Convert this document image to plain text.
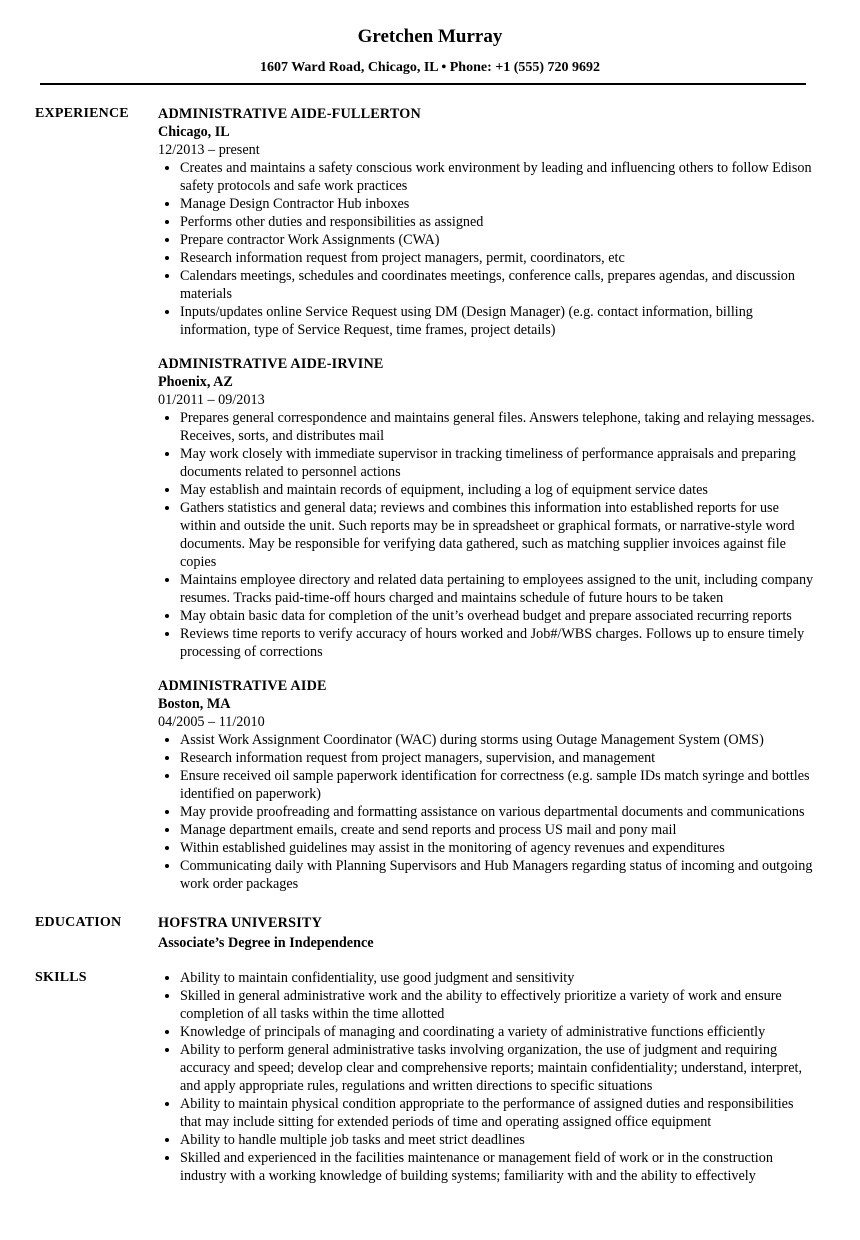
Gretchen Murray
1607 Ward Road, Chicago, IL • Phone: +1 (555) 720 9692
EXPERIENCE	ADMINISTRATIVE AIDE-FULLERTON
Chicago, IL
12/2013 – present
• Creates and maintains a safety conscious work environment by leading and influencing others to follow Edison safety protocols and safe work practices
• Manage Design Contractor Hub inboxes
• Performs other duties and responsibilities as assigned
• Prepare contractor Work Assignments (CWA)
• Research information request from project managers, permit, coordinators, etc
• Calendars meetings, schedules and coordinates meetings, conference calls, prepares agendas, and discussion materials
• Inputs/updates online Service Request using DM (Design Manager) (e.g. contact information, billing information, type of Service Request, time frames, project details)
ADMINISTRATIVE AIDE-IRVINE
Phoenix, AZ
01/2011 – 09/2013
• Prepares general correspondence and maintains general files. Answers telephone, taking and relaying messages. Receives, sorts, and distributes mail
• May work closely with immediate supervisor in tracking timeliness of performance appraisals and preparing documents related to personnel actions
• May establish and maintain records of equipment, including a log of equipment service dates
• Gathers statistics and general data; reviews and combines this information into established reports for use within and outside the unit. Such reports may be in spreadsheet or graphical formats, or narrative-style word documents. May be responsible for verifying data gathered, such as matching supplier invoices against file copies
• Maintains employee directory and related data pertaining to employees assigned to the unit, including company resumes. Tracks paid-time-off hours charged and maintains schedule of future hours to be taken
• May obtain basic data for completion of the unit’s overhead budget and prepare associated recurring reports
• Reviews time reports to verify accuracy of hours worked and Job#/WBS charges. Follows up to ensure timely processing of corrections
ADMINISTRATIVE AIDE
Boston, MA
04/2005 – 11/2010
• Assist Work Assignment Coordinator (WAC) during storms using Outage Management System (OMS)
• Research information request from project managers, supervision, and management
• Ensure received oil sample paperwork identification for correctness (e.g. sample IDs match syringe and bottles identified on paperwork)
• May provide proofreading and formatting assistance on various departmental documents and communications
• Manage department emails, create and send reports and process US mail and pony mail
• Within established guidelines may assist in the monitoring of agency revenues and expenditures
• Communicating daily with Planning Supervisors and Hub Managers regarding status of incoming and outgoing work order packages
EDUCATION	HOFSTRA UNIVERSITY
Associate’s Degree in Independence
SKILLS
•	Ability to maintain confidentiality, use good judgment and sensitivity
• Skilled in general administrative work and the ability to effectively prioritize a variety of work and ensure completion of all tasks within the time allotted
• Knowledge of principals of managing and coordinating a variety of administrative functions efficiently
• Ability to perform general administrative tasks involving organization, the use of judgment and requiring accuracy and speed; develop clear and comprehensive reports; maintain confidentiality; understand, interpret, and apply appropriate rules, regulations and written directions to specific situations
• Ability to maintain physical condition appropriate to the performance of assigned duties and responsibilities that may include sitting for extended periods of time and operating assigned office equipment
• Ability to handle multiple job tasks and meet strict deadlines
• Skilled and experienced in the facilities maintenance or management field of work or in the construction industry with a working knowledge of building systems; familiarity with and the ability to effectively
